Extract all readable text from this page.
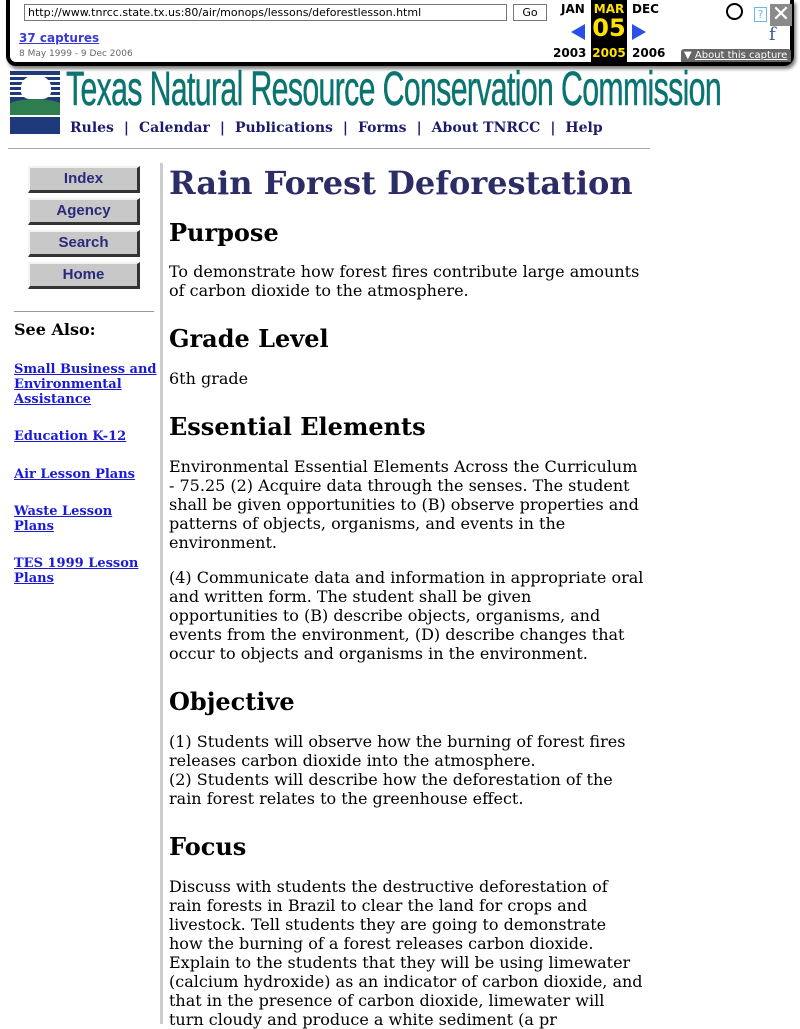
http://www.tnrcc.state.tx.us:80/air/monops/lessons/deforestlesson.html	Go
37 captures
8 May 1999 - 9 Dec 2006
JAN
2003
MAR
05
2005
DEC
2006
? ✕
f
▼ About this capture
Texas Natural Resource Conservation Commission
Rules | Calendar | Publications | Forms | About TNRCC | Help
Index
Agency
Search
Home
See Also:
Small Business and Environmental Assistance
Education K-12
Air Lesson Plans
Waste Lesson Plans
TES 1999 Lesson Plans
Rain Forest Deforestation
Purpose

To demonstrate how forest fires contribute large amounts of carbon dioxide to the atmosphere.

Grade Level

6th grade

Essential Elements

Environmental Essential Elements Across the Curriculum - 75.25 (2) Acquire data through the senses. The student shall be given opportunities to (B) observe properties and patterns of objects, organisms, and events in the environment.

(4) Communicate data and information in appropriate oral and written form. The student shall be given opportunities to (B) describe objects, organisms, and events from the environment, (D) describe changes that occur to objects and organisms in the environment.

Objective

(1) Students will observe how the burning of forest fires releases carbon dioxide into the atmosphere.

(2) Students will describe how the deforestation of the rain forest relates to the greenhouse effect.

Focus

Discuss with students the destructive deforestation of rain forests in Brazil to clear the land for crops and livestock. Tell students they are going to demonstrate how the burning of a forest releases carbon dioxide. Explain to the students that they will be using limewater (calcium hydroxide) as an indicator of carbon dioxide, and that in the presence of carbon dioxide, limewater will turn cloudy and produce a white sediment (a pr
